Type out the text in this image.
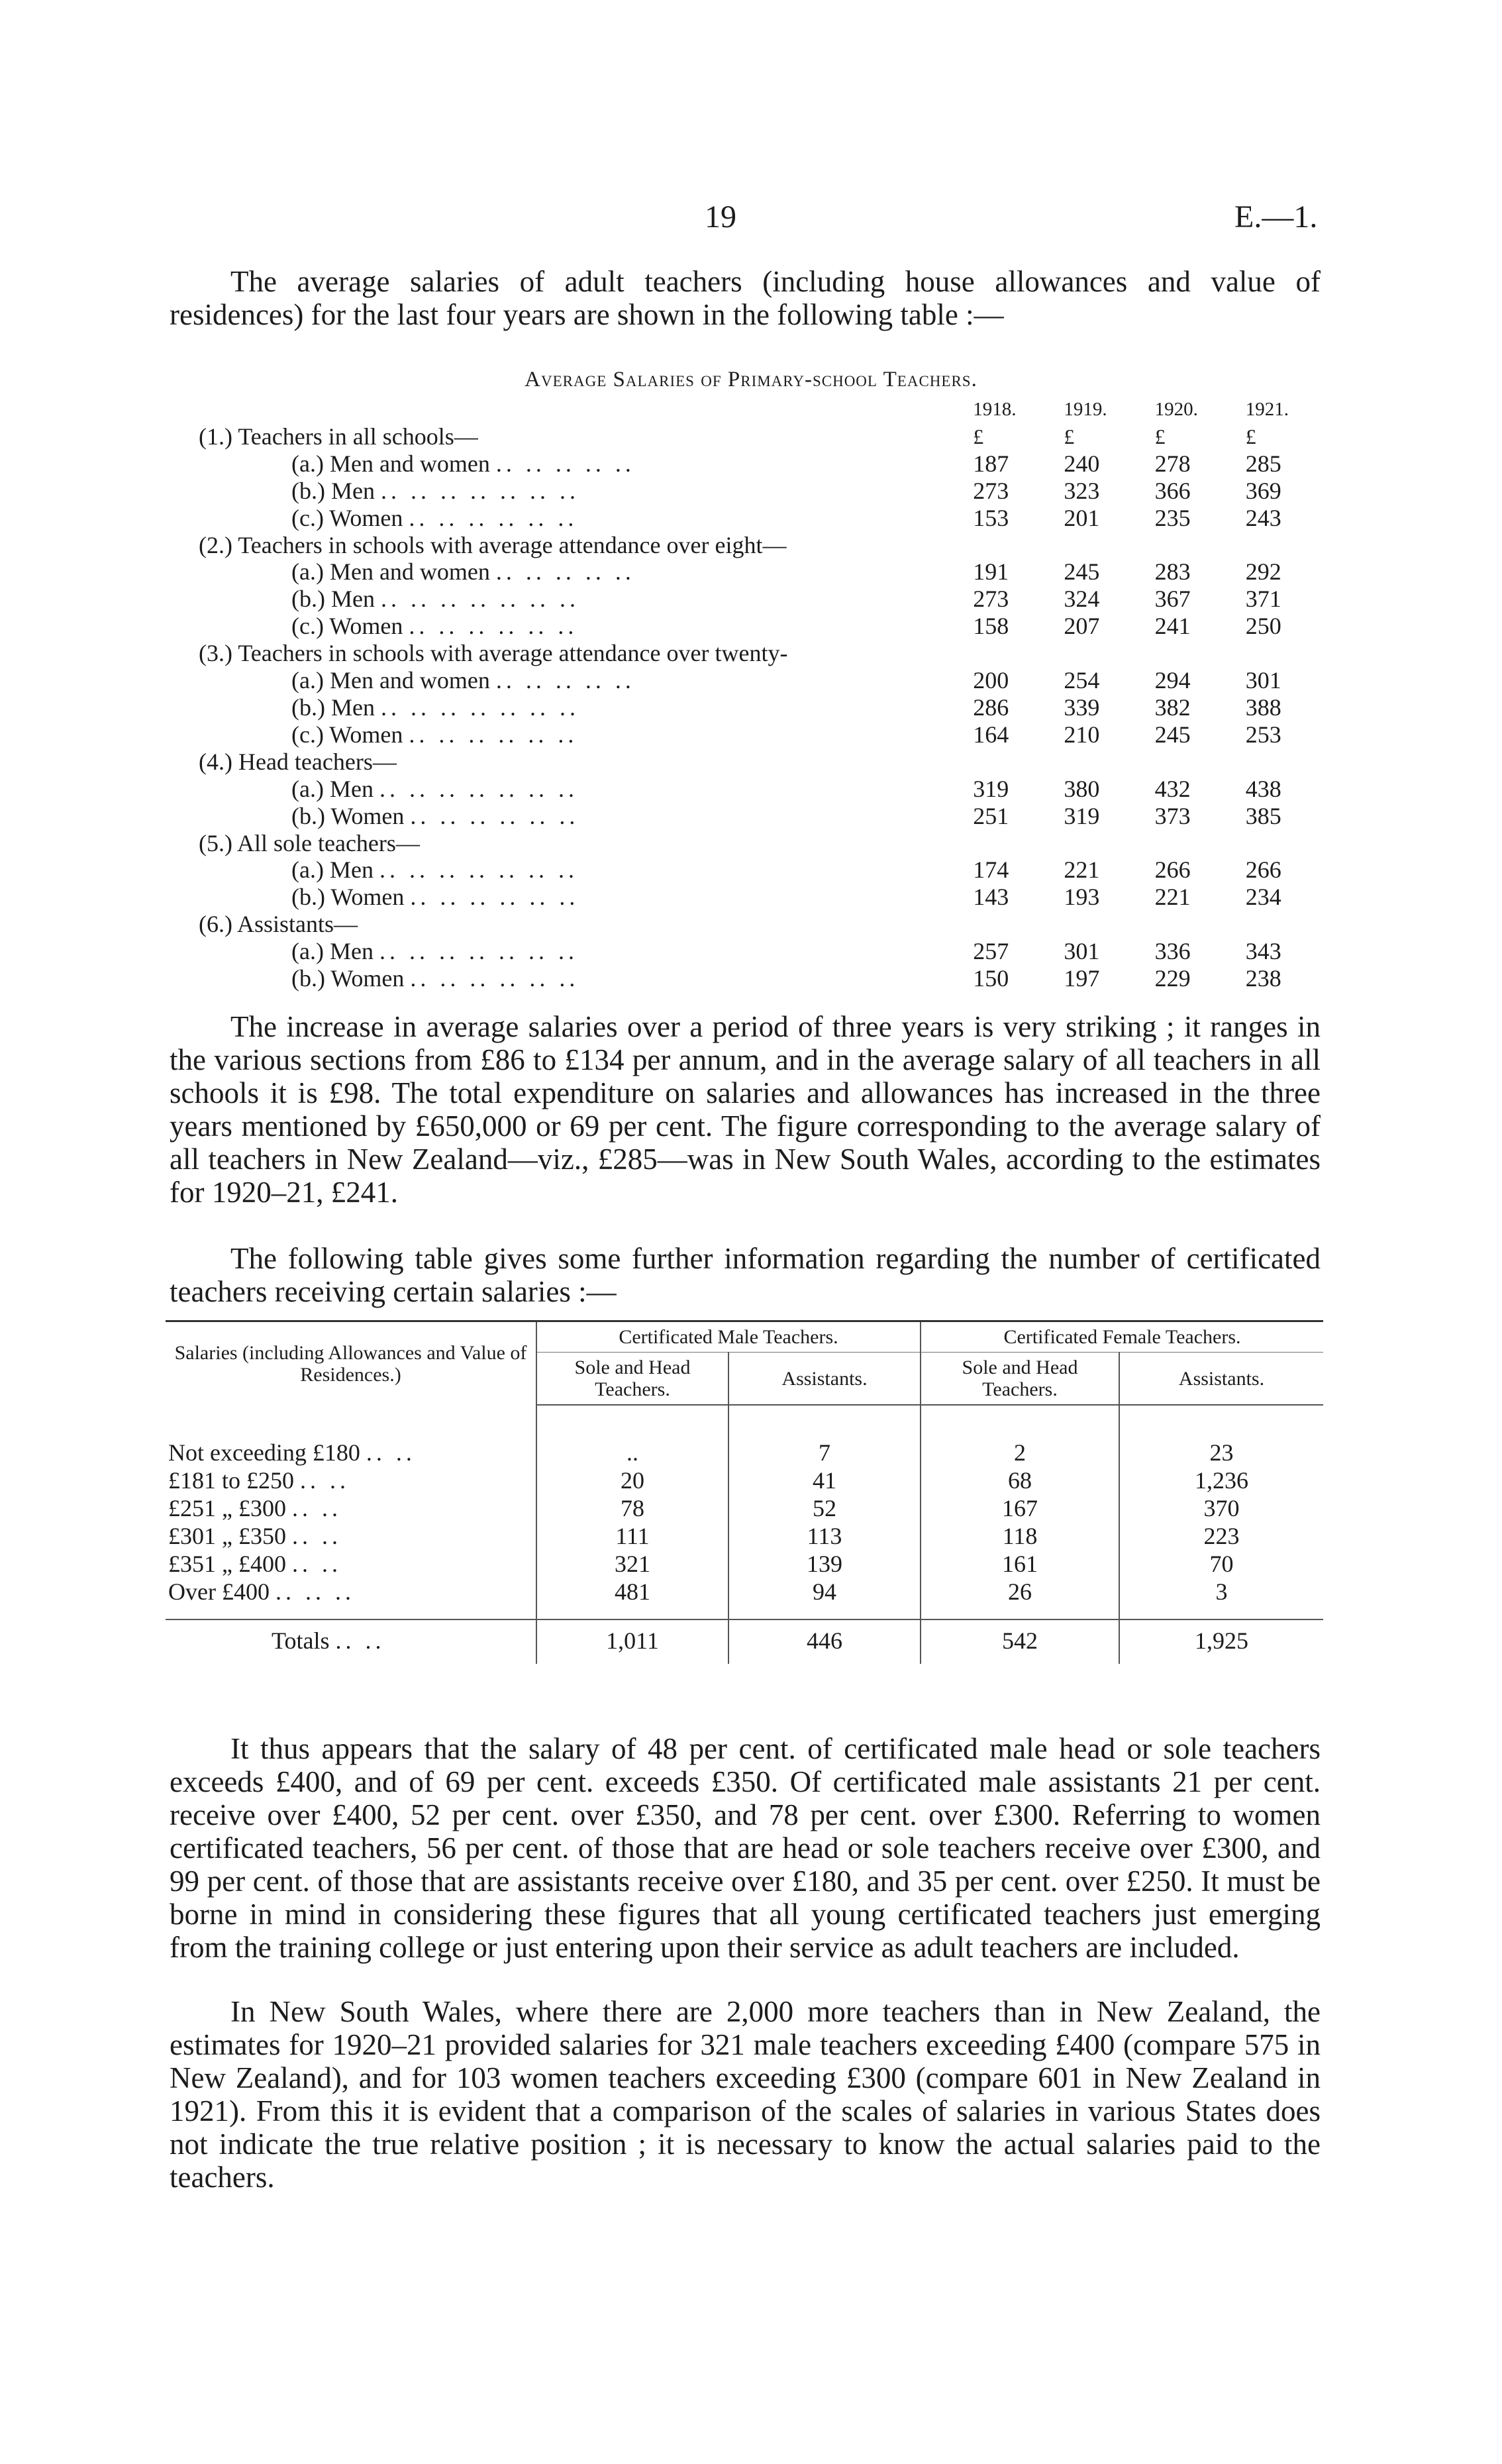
19	E.—1.

The average salaries of adult teachers (including house allowances and value of residences) for the last four years are shown in the following table :—

Average Salaries of Primary-school Teachers.
	1918.	1919.	1920.	1921.
(1.) Teachers in all schools—	£	£	£	£
(a.) Men and women .. .. .. .. ..	187	240	278	285
(b.) Men .. .. .. .. .. .. ..	273	323	366	369
(c.) Women .. .. .. .. .. ..	153	201	235	243
(2.) Teachers in schools with average attendance over eight—				
(a.) Men and women .. .. .. .. ..	191	245	283	292
(b.) Men .. .. .. .. .. .. ..	273	324	367	371
(c.) Women .. .. .. .. .. ..	158	207	241	250
(3.) Teachers in schools with average attendance over twenty-				
(a.) Men and women .. .. .. .. ..	200	254	294	301
(b.) Men .. .. .. .. .. .. ..	286	339	382	388
(c.) Women .. .. .. .. .. ..	164	210	245	253
(4.) Head teachers—				
(a.) Men .. .. .. .. .. .. ..	319	380	432	438
(b.) Women .. .. .. .. .. ..	251	319	373	385
(5.) All sole teachers—				
(a.) Men .. .. .. .. .. .. ..	174	221	266	266
(b.) Women .. .. .. .. .. ..	143	193	221	234
(6.) Assistants—				
(a.) Men .. .. .. .. .. .. ..	257	301	336	343
(b.) Women .. .. .. .. .. ..	150	197	229	238

The increase in average salaries over a period of three years is very striking ; it ranges in the various sections from £86 to £134 per annum, and in the average salary of all teachers in all schools it is £98. The total expenditure on salaries and allowances has increased in the three years mentioned by £650,000 or 69 per cent. The figure corresponding to the average salary of all teachers in New Zealand—viz., £285—was in New South Wales, according to the estimates for 1920–21, £241.

The following table gives some further information regarding the number of certificated teachers receiving certain salaries :—

Salaries (including Allowances and Value of Residences.)	Certificated Male Teachers.		Certificated Female Teachers.	
	Sole and Head Teachers.	Assistants.	Sole and Head Teachers.	Assistants.
Not exceeding £180 .. ..	..	7	2	23
£181 to £250 .. ..	20	41	68	1,236
£251 „ £300 .. ..	78	52	167	370
£301 „ £350 .. ..	111	113	118	223
£351 „ £400 .. ..	321	139	161	70
Over £400 .. .. ..	481	94	26	3
Totals .. ..	1,011	446	542	1,925

It thus appears that the salary of 48 per cent. of certificated male head or sole teachers exceeds £400, and of 69 per cent. exceeds £350. Of certificated male assistants 21 per cent. receive over £400, 52 per cent. over £350, and 78 per cent. over £300. Referring to women certificated teachers, 56 per cent. of those that are head or sole teachers receive over £300, and 99 per cent. of those that are assistants receive over £180, and 35 per cent. over £250. It must be borne in mind in considering these figures that all young certificated teachers just emerging from the training college or just entering upon their service as adult teachers are included.

In New South Wales, where there are 2,000 more teachers than in New Zealand, the estimates for 1920–21 provided salaries for 321 male teachers exceeding £400 (compare 575 in New Zealand), and for 103 women teachers exceeding £300 (compare 601 in New Zealand in 1921). From this it is evident that a comparison of the scales of salaries in various States does not indicate the true relative position ; it is necessary to know the actual salaries paid to the teachers.
